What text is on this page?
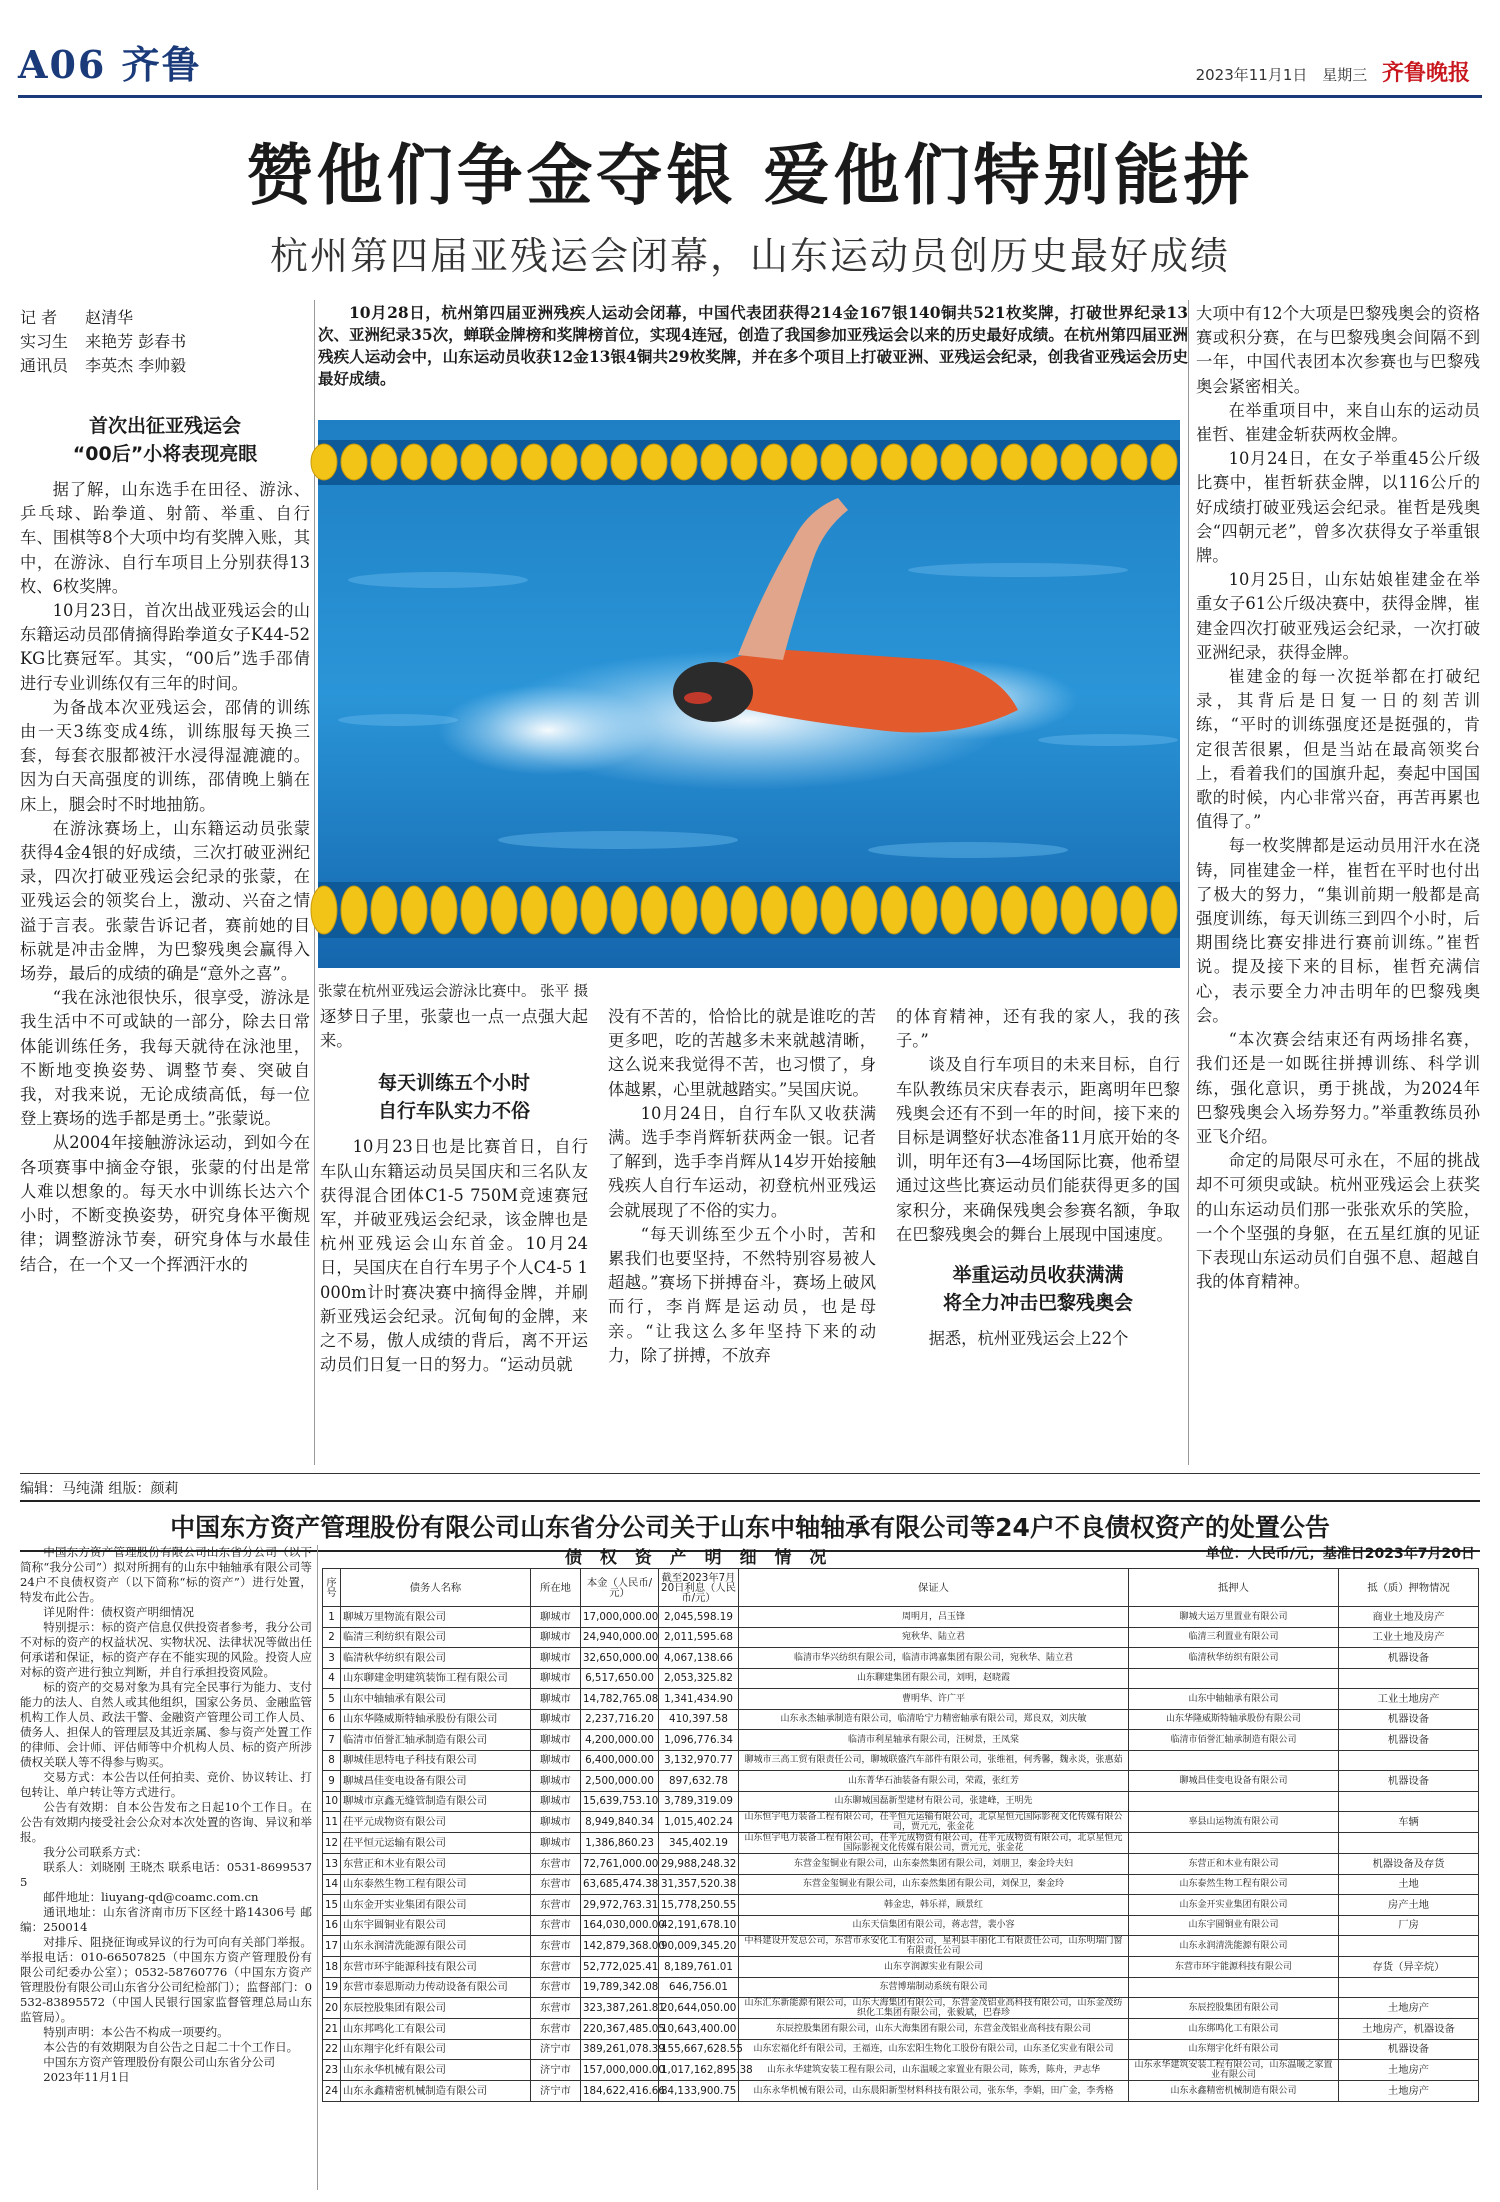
A06 齐鲁	2023年11月1日 星期三 齐鲁晚报
赞他们争金夺银 爱他们特别能拼
杭州第四届亚残运会闭幕，山东运动员创历史最好成绩
记 者 赵清华
实习生 来艳芳 彭春书
通讯员 李英杰 李帅毅
10月28日，杭州第四届亚洲残疾人运动会闭幕，中国代表团获得214金167银140铜共521枚奖牌，打破世界纪录13次、亚洲纪录35次，蝉联金牌榜和奖牌榜首位，实现4连冠，创造了我国参加亚残运会以来的历史最好成绩。在杭州第四届亚洲残疾人运动会中，山东运动员收获12金13银4铜共29枚奖牌，并在多个项目上打破亚洲、亚残运会纪录，创我省亚残运会历史最好成绩。
首次出征亚残运会
“00后”小将表现亮眼

据了解，山东选手在田径、游泳、乒乓球、跆拳道、射箭、举重、自行车、围棋等8个大项中均有奖牌入账，其中，在游泳、自行车项目上分别获得13枚、6枚奖牌。

10月23日，首次出战亚残运会的山东籍运动员邵倩摘得跆拳道女子K44-52KG比赛冠军。其实，“00后”选手邵倩进行专业训练仅有三年的时间。

为备战本次亚残运会，邵倩的训练由一天3练变成4练，训练服每天换三套，每套衣服都被汗水浸得湿漉漉的。因为白天高强度的训练，邵倩晚上躺在床上，腿会时不时地抽筋。

在游泳赛场上，山东籍运动员张蒙获得4金4银的好成绩，三次打破亚洲纪录，四次打破亚残运会纪录的张蒙，在亚残运会的领奖台上，激动、兴奋之情溢于言表。张蒙告诉记者，赛前她的目标就是冲击金牌，为巴黎残奥会赢得入场券，最后的成绩的确是“意外之喜”。

“我在泳池很快乐，很享受，游泳是我生活中不可或缺的一部分，除去日常体能训练任务，我每天就待在泳池里，不断地变换姿势、调整节奏、突破自我，对我来说，无论成绩高低，每一位登上赛场的选手都是勇士。”张蒙说。

从2004年接触游泳运动，到如今在各项赛事中摘金夺银，张蒙的付出是常人难以想象的。每天水中训练长达六个小时，不断变换姿势，研究身体平衡规律；调整游泳节奏，研究身体与水最佳结合，在一个又一个挥洒汗水的

张蒙在杭州亚残运会游泳比赛中。 张平 摄

逐梦日子里，张蒙也一点一点强大起来。

每天训练五个小时
自行车队实力不俗

10月23日也是比赛首日，自行车队山东籍运动员吴国庆和三名队友获得混合团体C1-5 750M竞速赛冠军，并破亚残运会纪录，该金牌也是杭州亚残运会山东首金。10月24日，吴国庆在自行车男子个人C4-5 1000m计时赛决赛中摘得金牌，并刷新亚残运会纪录。沉甸甸的金牌，来之不易，傲人成绩的背后，离不开运动员们日复一日的努力。“运动员就

没有不苦的，恰恰比的就是谁吃的苦更多吧，吃的苦越多未来就越清晰，这么说来我觉得不苦，也习惯了，身体越累，心里就越踏实。”吴国庆说。

10月24日，自行车队又收获满满。选手李肖辉斩获两金一银。记者了解到，选手李肖辉从14岁开始接触残疾人自行车运动，初登杭州亚残运会就展现了不俗的实力。

“每天训练至少五个小时，苦和累我们也要坚持，不然特别容易被人超越。”赛场下拼搏奋斗，赛场上破风而行，李肖辉是运动员，也是母亲。“让我这么多年坚持下来的动力，除了拼搏，不放弃

的体育精神，还有我的家人，我的孩子。”

谈及自行车项目的未来目标，自行车队教练员宋庆春表示，距离明年巴黎残奥会还有不到一年的时间，接下来的目标是调整好状态准备11月底开始的冬训，明年还有3—4场国际比赛，他希望通过这些比赛运动员们能获得更多的国家积分，来确保残奥会参赛名额，争取在巴黎残奥会的舞台上展现中国速度。

举重运动员收获满满
将全力冲击巴黎残奥会

据悉，杭州亚残运会上22个

大项中有12个大项是巴黎残奥会的资格赛或积分赛，在与巴黎残奥会间隔不到一年，中国代表团本次参赛也与巴黎残奥会紧密相关。

在举重项目中，来自山东的运动员崔哲、崔建金斩获两枚金牌。

10月24日，在女子举重45公斤级比赛中，崔哲斩获金牌，以116公斤的好成绩打破亚残运会纪录。崔哲是残奥会“四朝元老”，曾多次获得女子举重银牌。

10月25日，山东姑娘崔建金在举重女子61公斤级决赛中，获得金牌，崔建金四次打破亚残运会纪录，一次打破亚洲纪录，获得金牌。

崔建金的每一次挺举都在打破纪录，其背后是日复一日的刻苦训练，“平时的训练强度还是挺强的，肯定很苦很累，但是当站在最高领奖台上，看着我们的国旗升起，奏起中国国歌的时候，内心非常兴奋，再苦再累也值得了。”

每一枚奖牌都是运动员用汗水在浇铸，同崔建金一样，崔哲在平时也付出了极大的努力，“集训前期一般都是高强度训练，每天训练三到四个小时，后期围绕比赛安排进行赛前训练。”崔哲说。提及接下来的目标，崔哲充满信心，表示要全力冲击明年的巴黎残奥会。

“本次赛会结束还有两场排名赛，我们还是一如既往拼搏训练、科学训练，强化意识，勇于挑战，为2024年巴黎残奥会入场券努力。”举重教练员孙亚飞介绍。

命定的局限尽可永在，不屈的挑战却不可须臾或缺。杭州亚残运会上获奖的山东运动员们那一张张欢乐的笑脸，一个个坚强的身躯，在五星红旗的见证下表现山东运动员们自强不息、超越自我的体育精神。

编辑：马纯潇 组版：颜莉
中国东方资产管理股份有限公司山东省分公司关于山东中轴轴承有限公司等24户不良债权资产的处置公告

中国东方资产管理股份有限公司山东省分公司（以下简称“我分公司”）拟对所拥有的山东中轴轴承有限公司等24户不良债权资产（以下简称“标的资产”）进行处置，特发布此公告。

详见附件：债权资产明细情况

特别提示：标的资产信息仅供投资者参考，我分公司不对标的资产的权益状况、实物状况、法律状况等做出任何承诺和保证，标的资产存在不能实现的风险。投资人应对标的资产进行独立判断，并自行承担投资风险。

标的资产的交易对象为具有完全民事行为能力、支付能力的法人、自然人或其他组织，国家公务员、金融监管机构工作人员、政法干警、金融资产管理公司工作人员、债务人、担保人的管理层及其近亲属、参与资产处置工作的律师、会计师、评估师等中介机构人员、标的资产所涉债权关联人等不得参与购买。

交易方式：本公告以任何拍卖、竞价、协议转让、打包转让、单户转让等方式进行。

公告有效期：自本公告发布之日起10个工作日。在公告有效期内接受社会公众对本次处置的咨询、异议和举报。

我分公司联系方式：

联系人：刘晓刚 王晓杰 联系电话：0531-86995375

邮件地址：liuyang-qd@coamc.com.cn

通讯地址：山东省济南市历下区经十路14306号 邮编：250014

对排斥、阻挠征询或异议的行为可向有关部门举报。举报电话：010-66507825（中国东方资产管理股份有限公司纪委办公室）；0532-58760776（中国东方资产管理股份有限公司山东省分公司纪检部门）；监督部门：0532-83895572（中国人民银行国家监督管理总局山东监管局）。

特别声明：本公告不构成一项要约。

本公告的有效期限为自公告之日起二十个工作日。

中国东方资产管理股份有限公司山东省分公司

2023年11月1日

债 权 资 产 明 细 情 况	单位：人民币/元；基准日2023年7月20日
序号	债务人名称	所在地	本金（人民币/元）	截至2023年7月20日利息（人民币/元）	保证人	抵押人	抵（质）押物情况
1	聊城万里物流有限公司	聊城市	17,000,000.00	2,045,598.19	周明月，吕玉锋	聊城大运万里置业有限公司	商业土地及房产
2	临清三利纺织有限公司	聊城市	24,940,000.00	2,011,595.68	宛秋华、陆立君	临清三利置业有限公司	工业土地及房产
3	临清秋华纺织有限公司	聊城市	32,650,000.00	4,067,138.66	临清市华兴纺织有限公司，临清市鸿嘉集团有限公司，宛秋华、陆立君	临清秋华纺织有限公司	机器设备
4	山东聊建金明建筑装饰工程有限公司	聊城市	6,517,650.00	2,053,325.82	山东聊建集团有限公司，刘明，赵晓霞		
5	山东中轴轴承有限公司	聊城市	14,782,765.08	1,341,434.90	曹明华、许广平	山东中轴轴承有限公司	工业土地房产
6	山东华隆威斯特轴承股份有限公司	聊城市	2,237,716.20	410,397.58	山东永杰轴承制造有限公司，临清哈宁力精密轴承有限公司，郑良双，刘庆敏	山东华隆威斯特轴承股份有限公司	机器设备
7	临清市佰誉汇轴承制造有限公司	聊城市	4,200,000.00	1,096,776.34	临清市利星轴承有限公司，汪树景，王凤棠	临清市佰誉汇轴承制造有限公司	机器设备
8	聊城佳思特电子科技有限公司	聊城市	6,400,000.00	3,132,970.77	聊城市三高工贸有限责任公司，聊城联盛汽车部件有限公司，张维祖，何秀馨，魏永炎，张惠茹		
9	聊城昌佳变电设备有限公司	聊城市	2,500,000.00	897,632.78	山东菁华石油装备有限公司，荣霞，张红芳	聊城昌佳变电设备有限公司	机器设备
10	聊城市京鑫无缝管制造有限公司	聊城市	15,639,753.10	3,789,319.09	山东聊城国磊新型建材有限公司，张建峰，王明先		
11	茌平元成物资有限公司	聊城市	8,949,840.34	1,015,402.24	山东恒宇电力装备工程有限公司，茌平恒元运输有限公司，北京星恒元国际影视文化传媒有限公司，贾元元，张金花	辜县山运物流有限公司	车辆
12	茌平恒元运输有限公司	聊城市	1,386,860.23	345,402.19	山东恒宇电力装备工程有限公司，茌平元成物资有限公司，茌平元成物资有限公司，北京星恒元国际影视文化传媒有限公司，贾元元，张金花		
13	东营正和木业有限公司	东营市	72,761,000.00	29,988,248.32	东营金玺铜业有限公司，山东泰然集团有限公司，刘朋卫，秦金玲夫妇	东营正和木业有限公司	机器设备及存货
14	山东泰然生物工程有限公司	东营市	63,685,474.38	31,357,520.38	东营金玺铜业有限公司，山东泰然集团有限公司，刘保卫，秦金玲	山东泰然生物工程有限公司	土地
15	山东金开实业集团有限公司	东营市	29,972,763.31	15,778,250.55	韩金忠，韩乐祥，顾景红	山东金开实业集团有限公司	房产土地
16	山东宇圆铜业有限公司	东营市	164,030,000.00	42,191,678.10	山东天信集团有限公司，蒋志营，裴小容	山东宇圆铜业有限公司	厂房
17	山东永润清洗能源有限公司	东营市	142,879,368.00	90,009,345.20	中科建设开发总公司，东营市永安化工有限公司，星利县丰丽化工有限责任公司，山东明瑞门窗有限责任公司	山东永润清洗能源有限公司	
18	东营市环宇能源科技有限公司	东营市	52,772,025.41	8,189,761.01	山东亨润源实业有限公司	东营市环宇能源科技有限公司	存货（异辛烷）
19	东营市泰恩斯动力传动设备有限公司	东营市	19,789,342.08	646,756.01	东营博瑞制动系统有限公司		
20	东辰控股集团有限公司	东营市	323,387,261.81	20,644,050.00	山东汇东新能源有限公司，山东大海集团有限公司，东营金茂铝业高科技有限公司，山东金茂纺织化工集团有限公司，张毅斌，巴春珍	东辰控股集团有限公司	土地房产
21	山东邦鸣化工有限公司	东营市	220,367,485.05	10,643,400.00	东辰控股集团有限公司，山东大海集团有限公司，东营金茂铝业高科技有限公司	山东绑鸣化工有限公司	土地房产，机器设备
22	山东翔宇化纤有限公司	济宁市	389,261,078.39	155,667,628.55	山东宏福化纤有限公司，王福连，山东宏阳生物化工股份有限公司，山东圣亿实业有限公司	山东翔宇化纤有限公司	机器设备
23	山东永华机械有限公司	济宁市	157,000,000.00	1,017,162,895.38	山东永华建筑安装工程有限公司，山东温暖之家置业有限公司，陈秀，陈舟，尹志华	山东永华建筑安装工程有限公司，山东温暖之家置业有限公司	土地房产
24	山东永鑫精密机械制造有限公司	济宁市	184,622,416.66	84,133,900.75	山东永华机械有限公司，山东晨阳新型材料科技有限公司，张东华，李娟，田广金，李秀格	山东永鑫精密机械制造有限公司	土地房产
